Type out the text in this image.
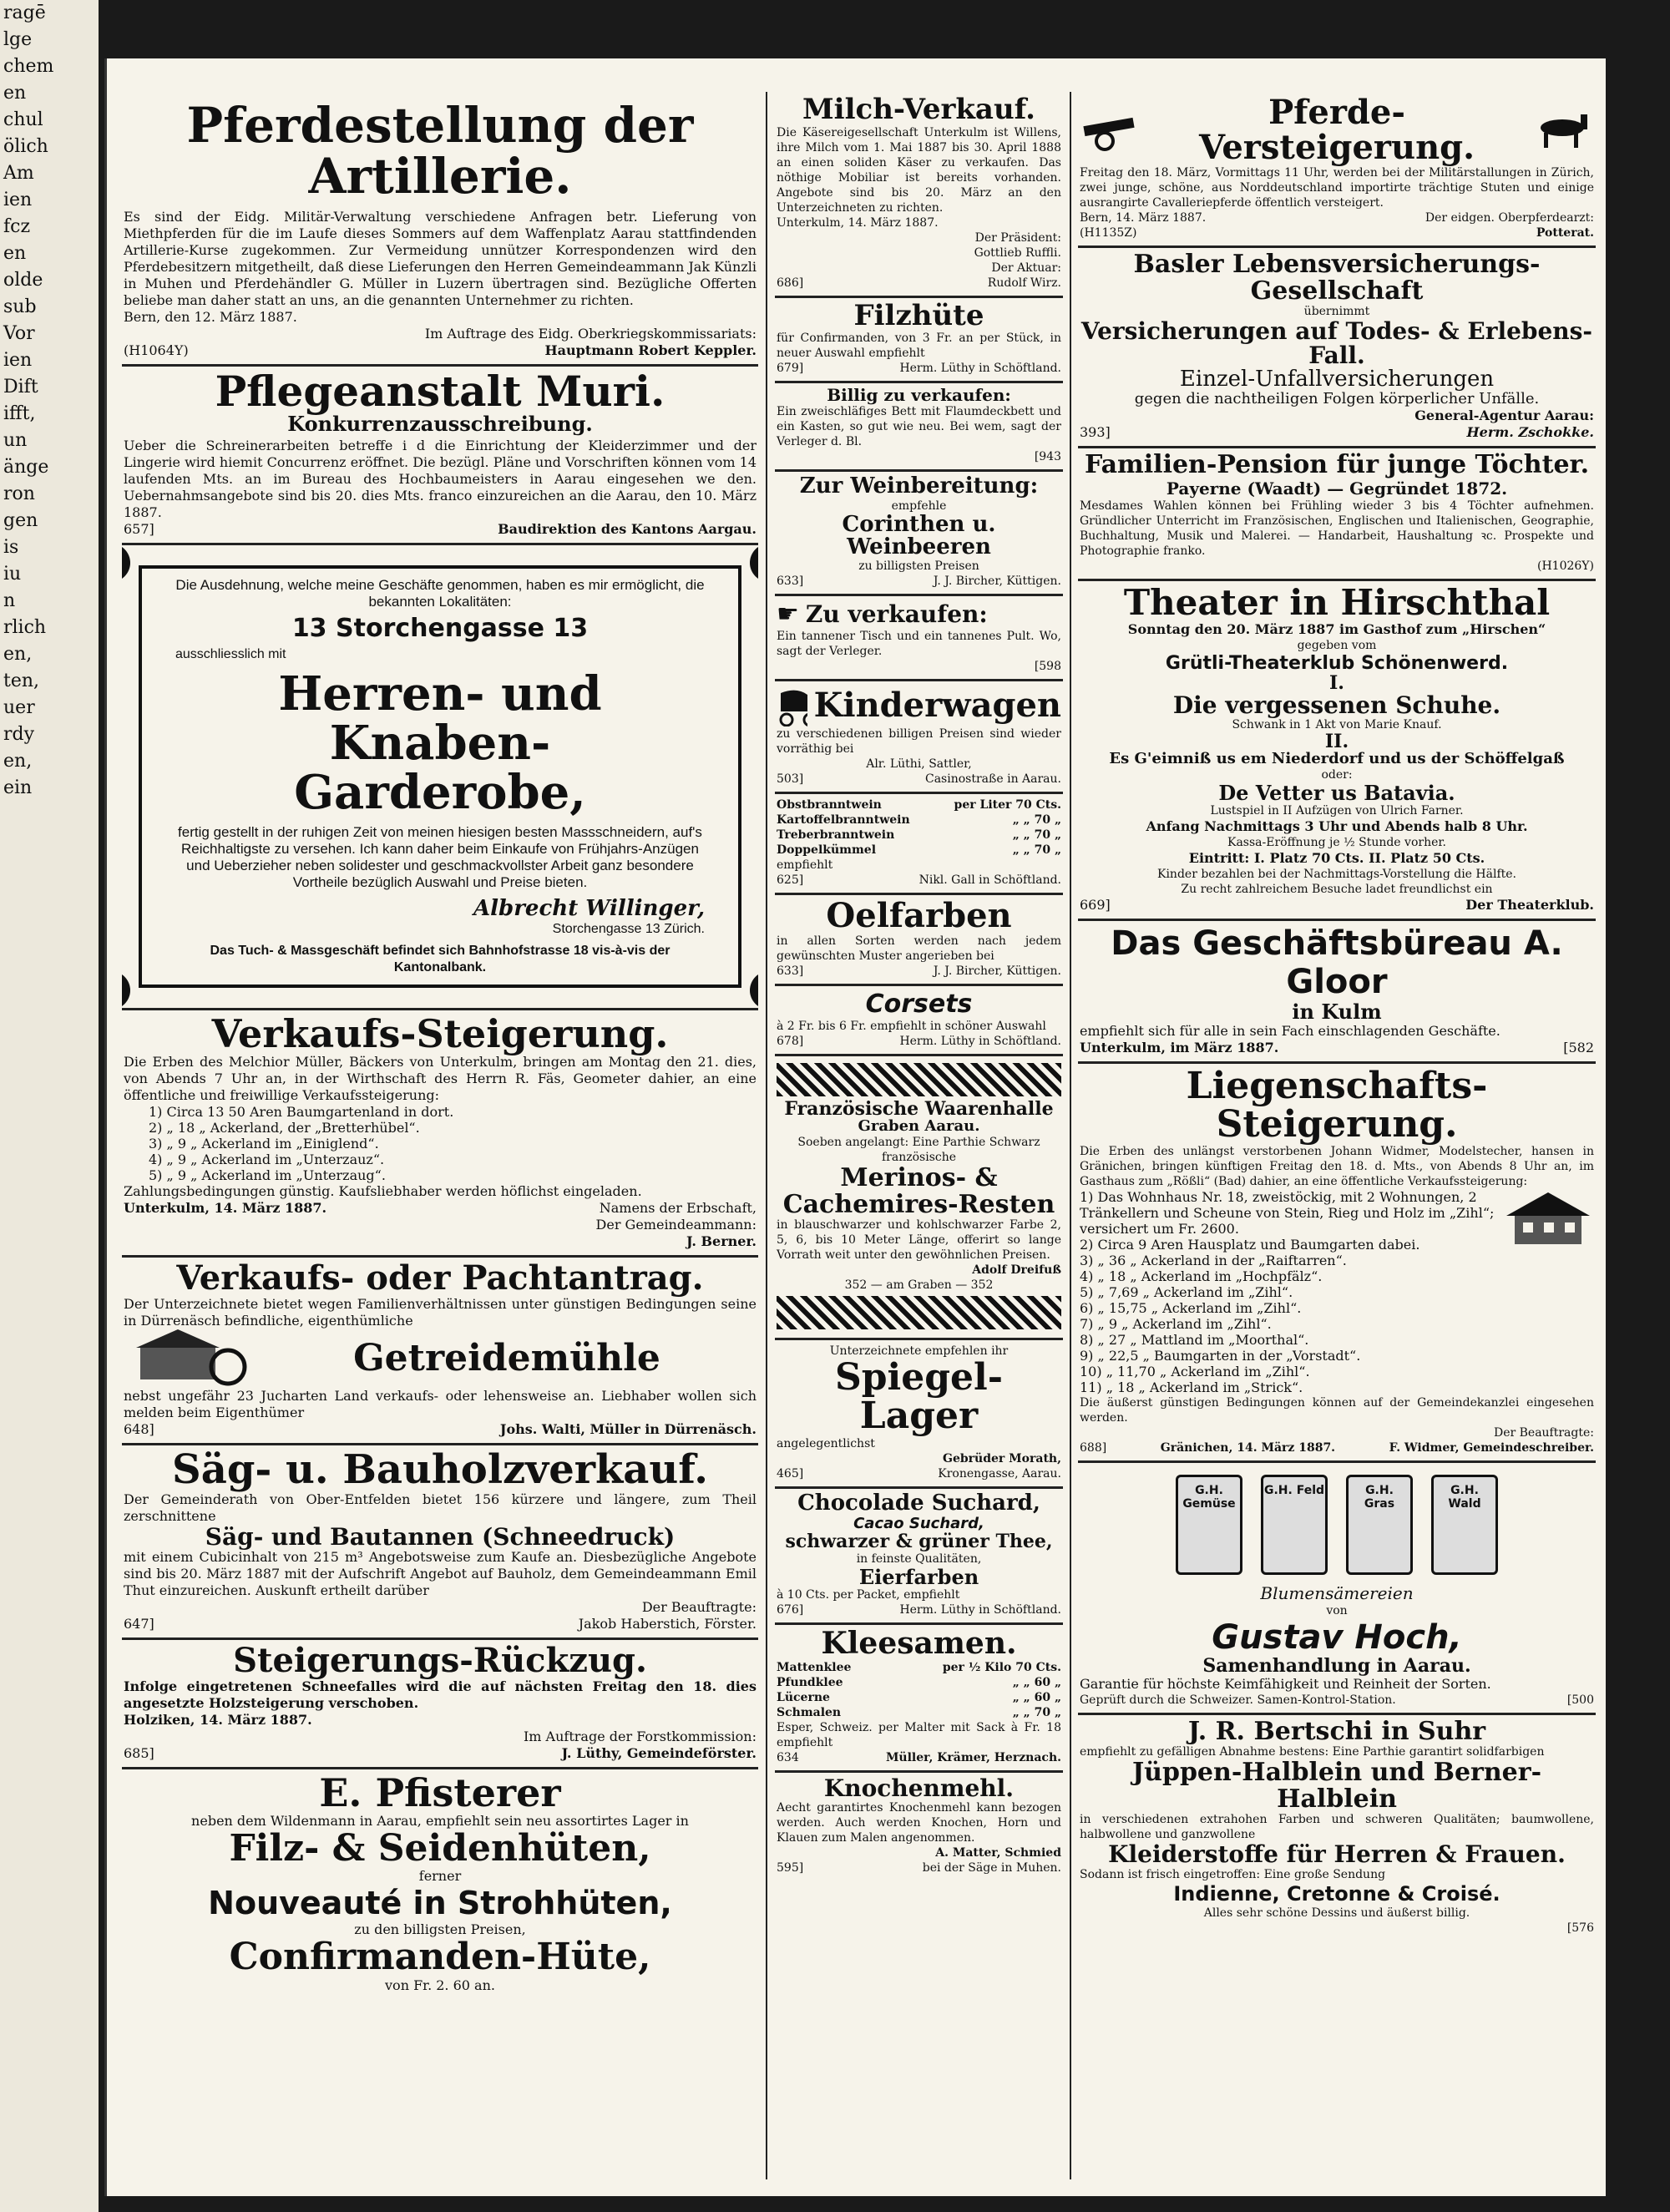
ragē
lge
chem
en
chul
ölich
Am
ien
fcz
en
olde
sub
Vor
ien
Dift
ifft,
un
änge
ron
gen
is
iu
n
rlich
en,
ten,
uer
rdy
en,
ein
Pferdestellung der Artillerie.

Es sind der Eidg. Militär-Verwaltung verschiedene Anfragen betr. Lieferung von Miethpferden für die im Laufe dieses Sommers auf dem Waffenplatz Aarau stattfindenden Artillerie-Kurse zugekommen. Zur Vermeidung unnützer Korrespondenzen wird den Pferdebesitzern mitgetheilt, daß diese Lieferungen den Herren Gemeindeammann Jak Künzli in Muhen und Pferdehändler G. Müller in Luzern übertragen sind. Bezügliche Offerten beliebe man daher statt an uns, an die genannten Unternehmer zu richten.

Bern, den 12. März 1887.

Im Auftrage des Eidg. Oberkriegskommissariats:

(H1064Y)	Hauptmann Robert Keppler.
Pflegeanstalt Muri.
Konkurrenzausschreibung.

Ueber die Schreinerarbeiten betreffe i d die Einrichtung der Kleiderzimmer und der Lingerie wird hiemit Concurrenz eröffnet. Die bezügl. Pläne und Vorschriften können vom 14 laufenden Mts. an im Bureau des Hochbaumeisters in Aarau eingesehen we den. Uebernahmsangebote sind bis 20. dies Mts. franco einzureichen an die Aarau, den 10. März 1887.

657]	Baudirektion des Kantons Aargau.

Die Ausdehnung, welche meine Geschäfte genommen, haben es mir ermöglicht, die bekannten Lokalitäten:

13 Storchengasse 13

ausschliesslich mit

Herren- und Knaben-
Garderobe,

fertig gestellt in der ruhigen Zeit von meinen hiesigen besten Massschneidern, auf's Reichhaltigste zu versehen. Ich kann daher beim Einkaufe von Frühjahrs-Anzügen und Ueberzieher neben solidester und geschmackvollster Arbeit ganz besondere Vortheile bezüglich Auswahl und Preise bieten.

Albrecht Willinger,

Storchengasse 13 Zürich.

Das Tuch- & Massgeschäft befindet sich Bahnhofstrasse 18 vis-à-vis der Kantonalbank.

Verkaufs-Steigerung.

Die Erben des Melchior Müller, Bäckers von Unterkulm, bringen am Montag den 21. dies, von Abends 7 Uhr an, in der Wirthschaft des Herrn R. Fäs, Geometer dahier, an eine öffentliche und freiwillige Verkaufssteigerung:

1) Circa 13 50 Aren Baumgartenland in dort.
2) „ 18 „ Ackerland, der „Bretterhübel“.
3) „ 9 „ Ackerland im „Einiglend“.
4) „ 9 „ Ackerland im „Unterzauz“.
5) „ 9 „ Ackerland im „Unterzaug“.

Zahlungsbedingungen günstig. Kaufsliebhaber werden höflichst eingeladen.

Unterkulm, 14. März 1887.	Namens der Erbschaft,

Der Gemeindeammann:

J. Berner.

Verkaufs- oder Pachtantrag.

Der Unterzeichnete bietet wegen Familienverhältnissen unter günstigen Bedingungen seine in Dürrenäsch befindliche, eigenthümliche

Getreidemühle

nebst ungefähr 23 Jucharten Land verkaufs- oder lehensweise an. Liebhaber wollen sich melden beim Eigenthümer

648]	Johs. Walti, Müller in Dürrenäsch.
Säg- u. Bauholzverkauf.

Der Gemeinderath von Ober-Entfelden bietet 156 kürzere und längere, zum Theil zerschnittene

Säg- und Bautannen (Schneedruck)

mit einem Cubicinhalt von 215 m³ Angebotsweise zum Kaufe an. Diesbezügliche Angebote sind bis 20. März 1887 mit der Aufschrift Angebot auf Bauholz, dem Gemeindeammann Emil Thut einzureichen. Auskunft ertheilt darüber

Der Beauftragte:

647]	Jakob Haberstich, Förster.
Steigerungs-Rückzug.

Infolge eingetretenen Schneefalles wird die auf nächsten Freitag den 18. dies angesetzte Holzsteigerung verschoben.

Holziken, 14. März 1887.

Im Auftrage der Forstkommission:

685]	J. Lüthy, Gemeindeförster.
E. Pfisterer

neben dem Wildenmann in Aarau, empfiehlt sein neu assortirtes Lager in

Filz- & Seidenhüten,

ferner

Nouveauté in Strohhüten,

zu den billigsten Preisen,

Confirmanden-Hüte,

von Fr. 2. 60 an.

Milch-Verkauf.

Die Käsereigesellschaft Unterkulm ist Willens, ihre Milch vom 1. Mai 1887 bis 30. April 1888 an einen soliden Käser zu verkaufen. Das nöthige Mobiliar ist bereits vorhanden. Angebote sind bis 20. März an den Unterzeichneten zu richten.

Unterkulm, 14. März 1887.

Der Präsident:

Gottlieb Ruffli.

Der Aktuar:

686]	Rudolf Wirz.
Filzhüte

für Confirmanden, von 3 Fr. an per Stück, in neuer Auswahl empfiehlt

679]	Herm. Lüthy in Schöftland.
Billig zu verkaufen:

Ein zweischläfiges Bett mit Flaumdeckbett und ein Kasten, so gut wie neu. Bei wem, sagt der Verleger d. Bl.

[943

Zur Weinbereitung:

empfehle

Corinthen u. Weinbeeren

zu billigsten Preisen

633]	J. J. Bircher, Küttigen.
☛ Zu verkaufen:

Ein tannener Tisch und ein tannenes Pult. Wo, sagt der Verleger.

[598

Kinderwagen

zu verschiedenen billigen Preisen sind wieder vorräthig bei

Alr. Lüthi, Sattler,

503]	Casinostraße in Aarau.
Obstbranntwein	per Liter 70 Cts.
Kartoffelbranntwein	„ „ 70 „
Treberbranntwein	„ „ 70 „
Doppelkümmel	„ „ 70 „

empfiehlt

625]	Nikl. Gall in Schöftland.
Oelfarben

in allen Sorten werden nach jedem gewünschten Muster angerieben bei

633]	J. J. Bircher, Küttigen.
Corsets

à 2 Fr. bis 6 Fr. empfiehlt in schöner Auswahl

678]	Herm. Lüthy in Schöftland.
Französische Waarenhalle
Graben Aarau.

Soeben angelangt: Eine Parthie Schwarz französische

Merinos- & Cachemires-Resten

in blauschwarzer und kohlschwarzer Farbe 2, 5, 6, bis 10 Meter Länge, offerirt so lange Vorrath weit unter den gewöhnlichen Preisen.

Adolf Dreifuß

352 — am Graben — 352

Unterzeichnete empfehlen ihr

Spiegel-Lager

angelegentlichst

Gebrüder Morath,

465]	Kronengasse, Aarau.
Chocolade Suchard,
Cacao Suchard,
schwarzer & grüner Thee,

in feinste Qualitäten,

Eierfarben

à 10 Cts. per Packet, empfiehlt

676]	Herm. Lüthy in Schöftland.
Kleesamen.
Mattenklee	per ½ Kilo 70 Cts.
Pfundklee	„ „ 60 „
Lücerne	„ „ 60 „
Schmalen	„ „ 70 „

Esper, Schweiz. per Malter mit Sack à Fr. 18 empfiehlt

634	Müller, Krämer, Herznach.
Knochenmehl.

Aecht garantirtes Knochenmehl kann bezogen werden. Auch werden Knochen, Horn und Klauen zum Malen angenommen.

A. Matter, Schmied

595]	bei der Säge in Muhen.
Pferde-Versteigerung.

Freitag den 18. März, Vormittags 11 Uhr, werden bei der Militärstallungen in Zürich, zwei junge, schöne, aus Norddeutschland importirte trächtige Stuten und einige ausrangirte Cavalleriepferde öffentlich versteigert.

Bern, 14. März 1887.	Der eidgen. Oberpferdearzt:
(H1135Z)	Potterat.
Basler Lebensversicherungs-Gesellschaft

übernimmt

Versicherungen auf Todes- & Erlebens-Fall.
Einzel-Unfallversicherungen

gegen die nachtheiligen Folgen körperlicher Unfälle.

General-Agentur Aarau:

393]	Herm. Zschokke.
Familien-Pension für junge Töchter.
Payerne (Waadt) — Gegründet 1872.

Mesdames Wahlen können bei Frühling wieder 3 bis 4 Töchter aufnehmen. Gründlicher Unterricht im Französischen, Englischen und Italienischen, Geographie, Buchhaltung, Musik und Malerei. — Handarbeit, Haushaltung ꝛc. Prospekte und Photographie franko.

(H1026Y)

Theater in Hirschthal

Sonntag den 20. März 1887 im Gasthof zum „Hirschen“

gegeben vom

Grütli-Theaterklub Schönenwerd.
I.
Die vergessenen Schuhe.

Schwank in 1 Akt von Marie Knauf.

II.
Es G'eimniß us em Niederdorf und us der Schöffelgaß

oder:

De Vetter us Batavia.

Lustspiel in II Aufzügen von Ulrich Farner.

Anfang Nachmittags 3 Uhr und Abends halb 8 Uhr.

Kassa-Eröffnung je ½ Stunde vorher.

Eintritt: I. Platz 70 Cts. II. Platz 50 Cts.

Kinder bezahlen bei der Nachmittags-Vorstellung die Hälfte.

Zu recht zahlreichem Besuche ladet freundlichst ein

669]	Der Theaterklub.
Das Geschäftsbüreau A. Gloor
in Kulm

empfiehlt sich für alle in sein Fach einschlagenden Geschäfte.

Unterkulm, im März 1887.	[582
Liegenschafts-Steigerung.

Die Erben des unlängst verstorbenen Johann Widmer, Modelstecher, hansen in Gränichen, bringen künftigen Freitag den 18. d. Mts., von Abends 8 Uhr an, im Gasthaus zum „Rößli“ (Bad) dahier, an eine öffentliche Verkaufssteigerung:

1) Das Wohnhaus Nr. 18, zweistöckig, mit 2 Wohnungen, 2 Tränkellern und Scheune von Stein, Rieg und Holz im „Zihl“; versichert um Fr. 2600.
2) Circa 9 Aren Hausplatz und Baumgarten dabei.
3) „ 36 „ Ackerland in der „Raiftarren“.
4) „ 18 „ Ackerland im „Hochpfälz“.
5) „ 7,69 „ Ackerland im „Zihl“.
6) „ 15,75 „ Ackerland im „Zihl“.
7) „ 9 „ Ackerland im „Zihl“.
8) „ 27 „ Mattland im „Moorthal“.
9) „ 22,5 „ Baumgarten in der „Vorstadt“.
10) „ 11,70 „ Ackerland im „Zihl“.
11) „ 18 „ Ackerland im „Strick“.

Die äußerst günstigen Bedingungen können auf der Gemeindekanzlei eingesehen werden.

Der Beauftragte:

688]	Gränichen, 14. März 1887.	F. Widmer, Gemeindeschreiber.
G.H. Gemüse
G.H. Feld	G.H. Gras
G.H. Wald
Blumensämereien

von

Gustav Hoch,
Samenhandlung in Aarau.

Garantie für höchste Keimfähigkeit und Reinheit der Sorten.

Geprüft durch die Schweizer. Samen-Kontrol-Station.	[500
J. R. Bertschi in Suhr

empfiehlt zu gefälligen Abnahme bestens: Eine Parthie garantirt solidfarbigen

Jüppen-Halblein und Berner-Halblein

in verschiedenen extrahohen Farben und schweren Qualitäten; baumwollene, halbwollene und ganzwollene

Kleiderstoffe für Herren & Frauen.

Sodann ist frisch eingetroffen: Eine große Sendung

Indienne, Cretonne & Croisé.

Alles sehr schöne Dessins und äußerst billig.

[576
